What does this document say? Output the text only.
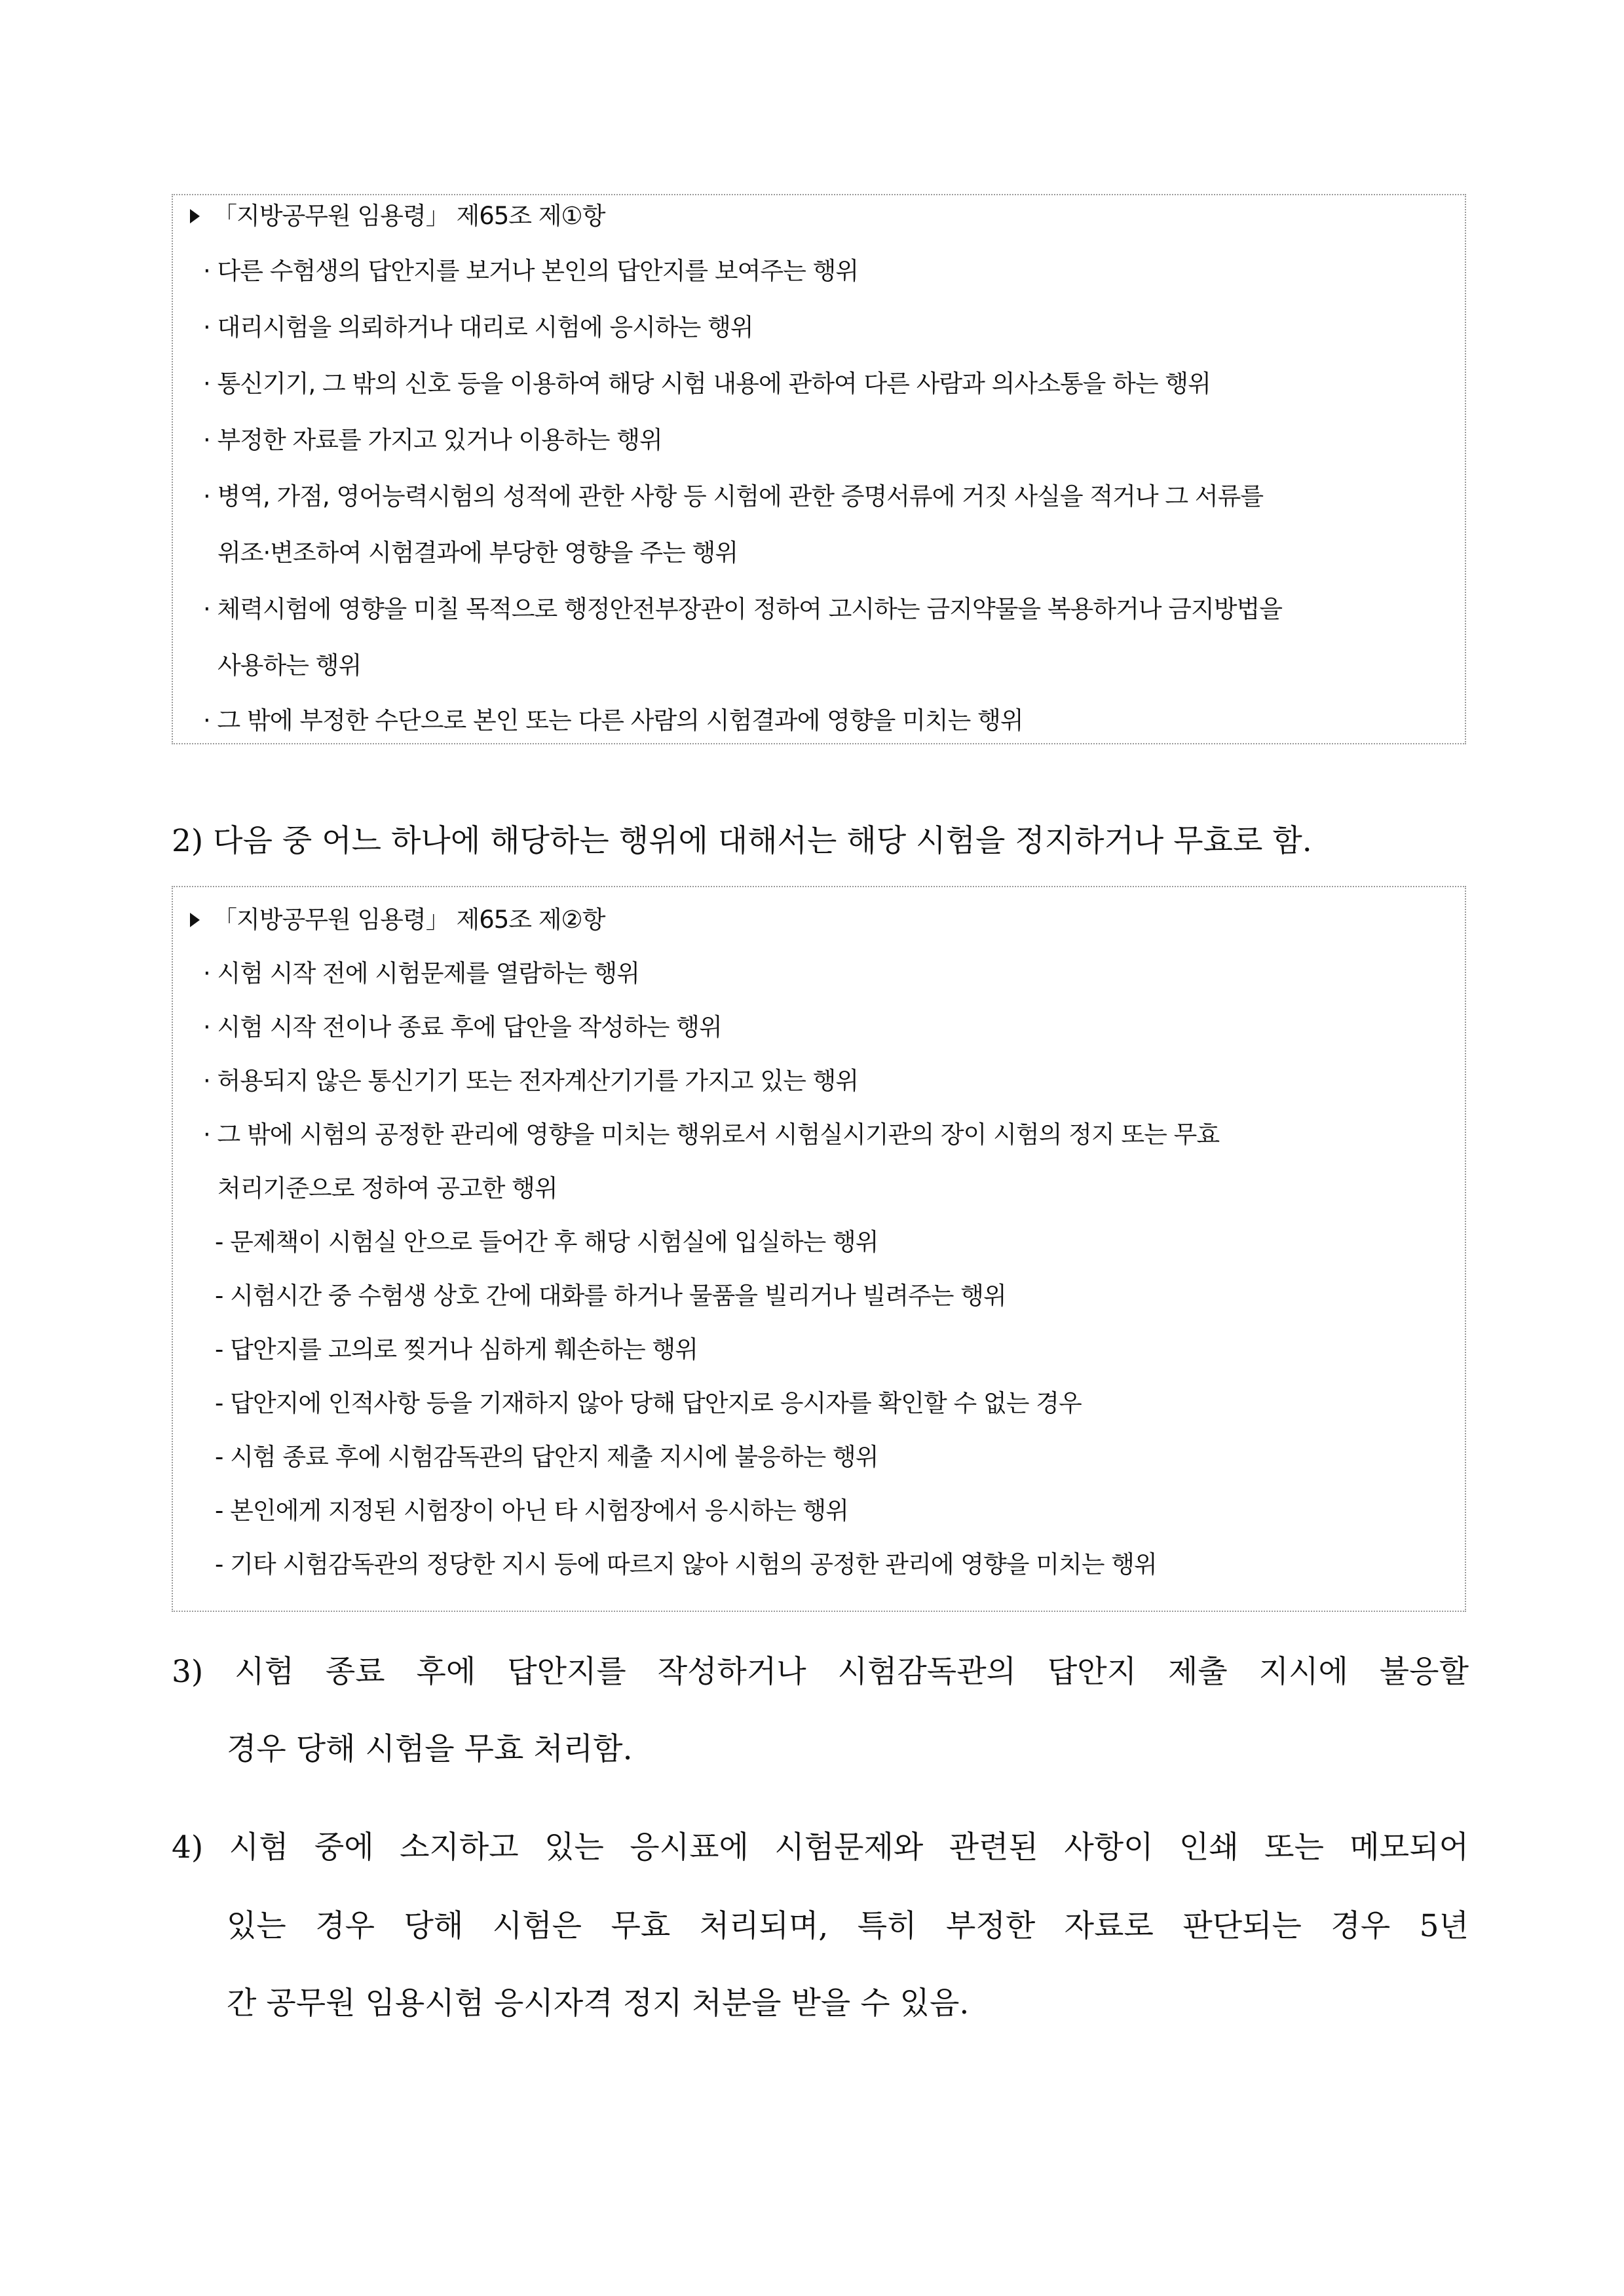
「지방공무원 임용령」 제65조 제①항
· 다른 수험생의 답안지를 보거나 본인의 답안지를 보여주는 행위
· 대리시험을 의뢰하거나 대리로 시험에 응시하는 행위
· 통신기기, 그 밖의 신호 등을 이용하여 해당 시험 내용에 관하여 다른 사람과 의사소통을 하는 행위
· 부정한 자료를 가지고 있거나 이용하는 행위
· 병역, 가점, 영어능력시험의 성적에 관한 사항 등 시험에 관한 증명서류에 거짓 사실을 적거나 그 서류를
위조·변조하여 시험결과에 부당한 영향을 주는 행위
· 체력시험에 영향을 미칠 목적으로 행정안전부장관이 정하여 고시하는 금지약물을 복용하거나 금지방법을
사용하는 행위
· 그 밖에 부정한 수단으로 본인 또는 다른 사람의 시험결과에 영향을 미치는 행위
2) 다음 중 어느 하나에 해당하는 행위에 대해서는 해당 시험을 정지하거나 무효로 함.
「지방공무원 임용령」 제65조 제②항
· 시험 시작 전에 시험문제를 열람하는 행위
· 시험 시작 전이나 종료 후에 답안을 작성하는 행위
· 허용되지 않은 통신기기 또는 전자계산기기를 가지고 있는 행위
· 그 밖에 시험의 공정한 관리에 영향을 미치는 행위로서 시험실시기관의 장이 시험의 정지 또는 무효
처리기준으로 정하여 공고한 행위
- 문제책이 시험실 안으로 들어간 후 해당 시험실에 입실하는 행위
- 시험시간 중 수험생 상호 간에 대화를 하거나 물품을 빌리거나 빌려주는 행위
- 답안지를 고의로 찢거나 심하게 훼손하는 행위
- 답안지에 인적사항 등을 기재하지 않아 당해 답안지로 응시자를 확인할 수 없는 경우
- 시험 종료 후에 시험감독관의 답안지 제출 지시에 불응하는 행위
- 본인에게 지정된 시험장이 아닌 타 시험장에서 응시하는 행위
- 기타 시험감독관의 정당한 지시 등에 따르지 않아 시험의 공정한 관리에 영향을 미치는 행위
3) 시험 종료 후에 답안지를 작성하거나 시험감독관의 답안지 제출 지시에 불응할
경우 당해 시험을 무효 처리함.
4) 시험 중에 소지하고 있는 응시표에 시험문제와 관련된 사항이 인쇄 또는 메모되어
있는 경우 당해 시험은 무효 처리되며, 특히 부정한 자료로 판단되는 경우 5년
간 공무원 임용시험 응시자격 정지 처분을 받을 수 있음.
